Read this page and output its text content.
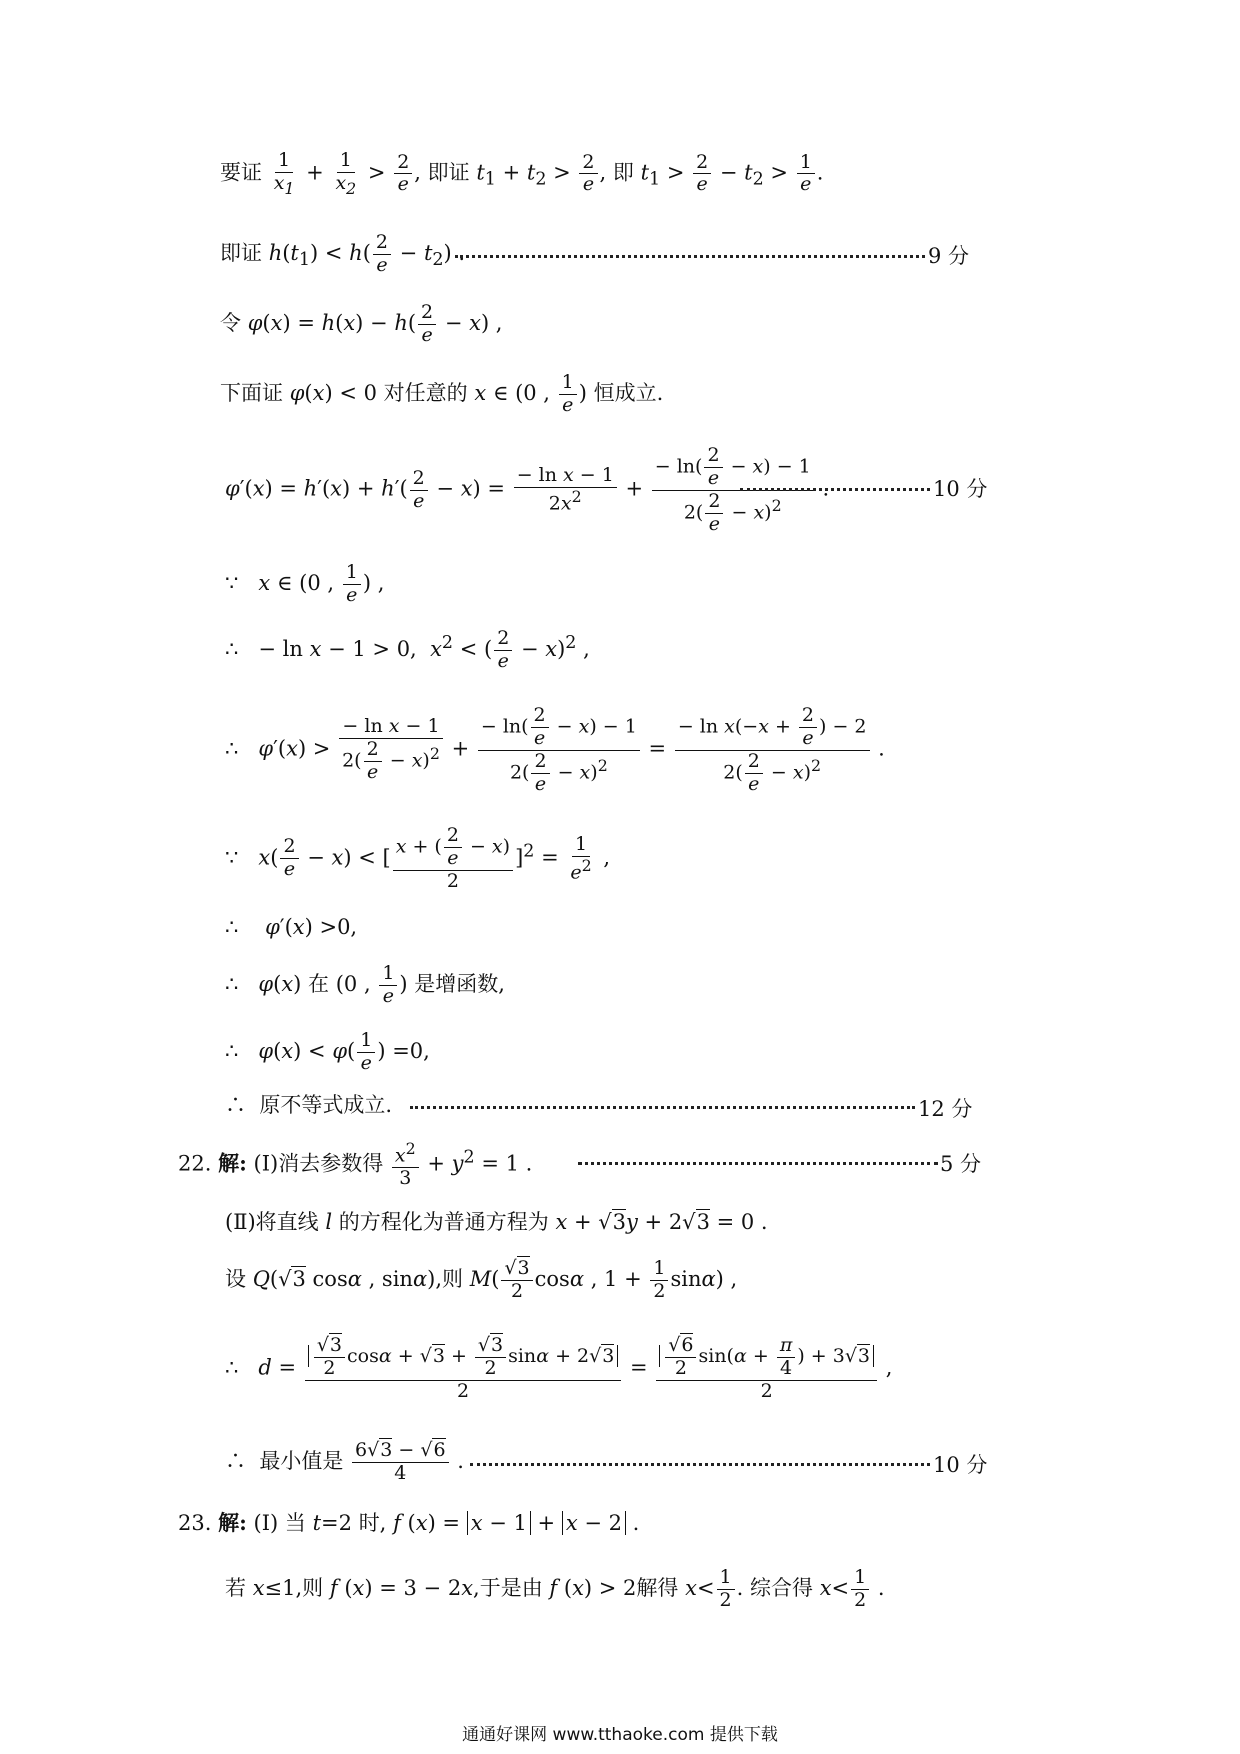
要证 $\frac{1}{x_1} + \frac{1}{x_2} > \frac{2}{e}$ , 即证 $t_1 + t_2 > \frac{2}{e}$ , 即 $t_1 > \frac{2}{e} - t_2 > \frac{1}{e}$ .
即证 $h(t_1) < h( \frac{2}{e} - t_2)$ .	9 分
令 $\varphi(x) = h(x) - h( \frac{2}{e} - x)$ ,
下面证 φ(x) < 0 对任意的 x ∈ (0 , $\frac{1}{e}$ ) 恒成立.
$\varphi'(x) = h'(x) + h'( \frac{2}{e} - x) = \frac{\text{− ln x − 1}}{2x^2} + \frac{- \ln( \frac{2}{e} - x) - 1}{2( \frac{2}{e} - x)^2}$ .	10 分
∵ x ∈ (0 , $\frac{1}{e}$ ) ,
∴   − ln x − 1 > 0,  $x^2$ < ( $\frac{2}{e} - x)^2$ ,
∴ $\varphi'(x) > \frac{\text{− ln x − 1}}{2( \frac{2}{e} - x)^2} + \frac{- \ln( \frac{2}{e} - x) - 1}{2( \frac{2}{e} - x)^2} = \frac{- \ln x(-x + \frac{2}{e} ) - 2}{2( \frac{2}{e} - x)^2}$ .
∵ $x( \frac{2}{e} - x)$ < [ $\frac{x + ( \frac{2}{e} - x)}{2} ]^2 = \frac{1}{e^2}$ ,
∴ φ′(x) >0,
∴ φ(x) 在 (0 , $\frac{1}{e}$ ) 是增函数,
∴ $\varphi(x) < \varphi( \frac{1}{e}$ ) =0,
∴ 原不等式成立.	12 分
22. 解: (Ⅰ)消去参数得 $\frac{x^2}{3} + y^2 = 1$ .	5 分
(Ⅱ)将直线 l 的方程化为普通方程为 x + √3y + 2√3 = 0 .
设 Q(√3 cosα , sinα),则 $M( \frac{√3}{2}$ cosα , $1 + \frac{1}{2} \sin\alpha$) ,
∴ $d = \frac{\frac{√3}{2} \cos\alpha + √3 + \frac{√3}{2} \sin\alpha + 2√3}{2} = \frac{\frac{√6}{2} \sin(\alpha + \frac{\pi}{4} ) + 3√3}{2}$ ,
∴ 最小值是 $\frac{6√3 - √6}{4}$ .	10 分
23. 解: (Ⅰ) 当 t=2 时, f (x) = x − 1 + x − 2 .
若 x≤1,则 f (x) = 3 − 2x,于是由 f (x) > 2解得 $x< \frac{1}{2}$ . 综合得 $x< \frac{1}{2}$ .
通通好课网 www.tthaoke.com 提供下载
